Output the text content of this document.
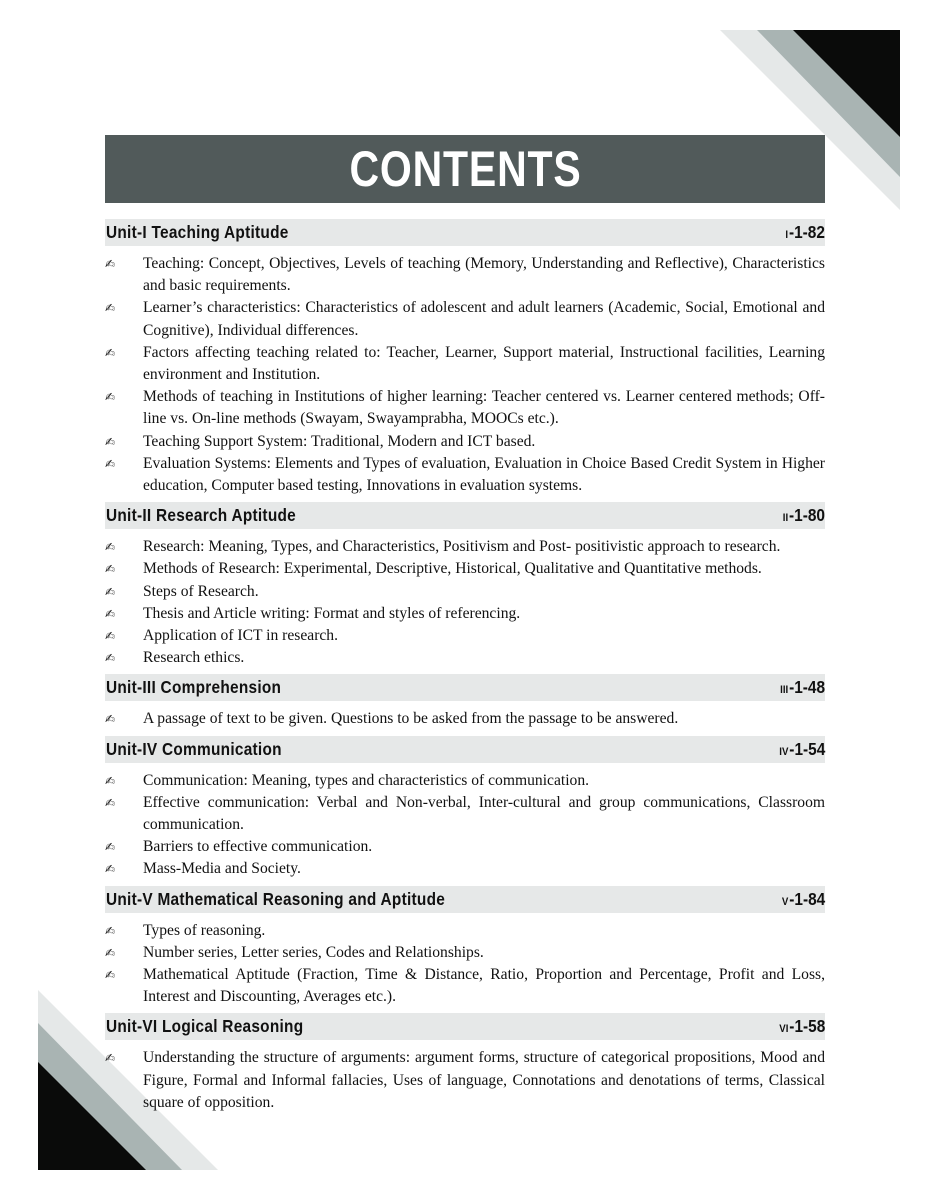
CONTENTS
Unit-I Teaching Aptitude	I-1-82
✍ Teaching: Concept, Objectives, Levels of teaching (Memory, Understanding and Reflective), Characteristics and basic requirements.
✍ Learner’s characteristics: Characteristics of adolescent and adult learners (Academic, Social, Emotional and Cognitive), Individual differences.
✍ Factors affecting teaching related to: Teacher, Learner, Support material, Instructional facilities, Learning environment and Institution.
✍ Methods of teaching in Institutions of higher learning: Teacher centered vs. Learner centered methods; Off-line vs. On-line methods (Swayam, Swayamprabha, MOOCs etc.).
✍ Teaching Support System: Traditional, Modern and ICT based.
✍ Evaluation Systems: Elements and Types of evaluation, Evaluation in Choice Based Credit System in Higher education, Computer based testing, Innovations in evaluation systems.
Unit-II Research Aptitude	II-1-80
✍ Research: Meaning, Types, and Characteristics, Positivism and Post- positivistic approach to research.
✍ Methods of Research: Experimental, Descriptive, Historical, Qualitative and Quantitative methods.
✍ Steps of Research.
✍ Thesis and Article writing: Format and styles of referencing.
✍ Application of ICT in research.
✍ Research ethics.
Unit-III Comprehension	III-1-48
✍ A passage of text to be given. Questions to be asked from the passage to be answered.
Unit-IV Communication	IV-1-54
✍ Communication: Meaning, types and characteristics of communication.
✍ Effective communication: Verbal and Non-verbal, Inter-cultural and group communications, Classroom communication.
✍ Barriers to effective communication.
✍ Mass-Media and Society.
Unit-V Mathematical Reasoning and Aptitude	V-1-84
✍ Types of reasoning.
✍ Number series, Letter series, Codes and Relationships.
✍ Mathematical Aptitude (Fraction, Time & Distance, Ratio, Proportion and Percentage, Profit and Loss, Interest and Discounting, Averages etc.).
Unit-VI Logical Reasoning	VI-1-58
✍ Understanding the structure of arguments: argument forms, structure of categorical propositions, Mood and Figure, Formal and Informal fallacies, Uses of language, Connotations and denotations of terms, Classical square of opposition.
